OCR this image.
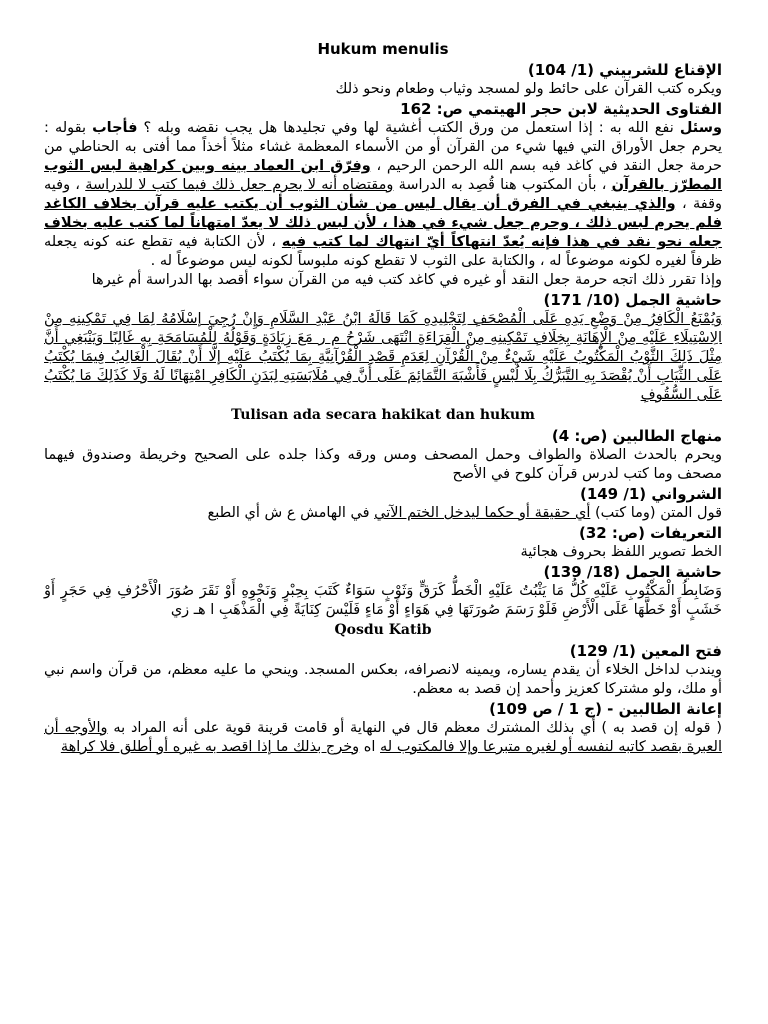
Hukum menulis

الإقناع للشربيني (1/ 104)

ويكره كتب القرآن على حائط ولو لمسجد وثياب وطعام ونحو ذلك

الفتاوى الحديثية لابن حجر الهيتمي ص: 162

وسئل نفع الله به : إذا استعمل من ورق الكتب أغشية لها وفي تجليدها هل يجب نقضه وبله ؟ فأجاب بقوله : يحرم جعل الأوراق التي فيها شيء من القرآن أو من الأسماء المعظمة غشاء مثلاً أخذاً مما أفتى به الحناطي من حرمة جعل النقد في كاغد فيه بسم الله الرحمن الرحيم ، وفرّق ابن العماد بينه وبين كراهية لبس الثوب المطرّز بالقرآن ، بأن المكتوب هنا قُصِد به الدراسة ومقتضاه أنه لا يحرم جعل ذلك فيما كتب لا للدراسة ، وفيه وقفة ، والذي ينبغي في الفرق أن يقال ليس من شأن الثوب أن يكتب عليه قرآن بخلاف الكاغد فلم يحرم لبس ذلك ، وحرم جعل شيء في هذا ، لأن لبس ذلك لا يعدّ امتهاناً لما كتب عليه بخلاف جعله نحو نقد في هذا فإنه يُعدّ انتهاكاً أيّ انتهاك لما كتب فيه ، لأن الكتابة فيه تقطع عنه كونه يجعله ظرفاً لغيره لكونه موضوعاً له ، والكتابة على الثوب لا تقطع كونه ملبوساً لكونه ليس موضوعاً له .

وإذا تقرر ذلك اتجه حرمة جعل النقد أو غيره في كاغد كتب فيه من القرآن سواء أقصد بها الدراسة أم غيرها

حاشية الجمل (10/ 171)

وَيُمْنَعُ الْكَافِرُ مِنْ وَضْعِ يَدِهِ عَلَى الْمُصْحَفِ لِتَجْلِيدِهِ كَمَا قَالَهُ ابْنُ عَبْدِ السَّلَامِ وَإِنْ رُجِيَ إسْلَامُهُ لِمَا فِي تَمْكِينِهِ مِنْ الِاسْتِيلَاءِ عَلَيْهِ مِنْ الْإِهَانَةِ بِخِلَافِ تَمْكِينِهِ مِنْ الْقِرَاءَةِ انْتَهَى شَرْحُ م ر مَعَ زِيَادَةٍ وَقَوْلُهُ لِلْمُسَامَحَةِ بِهِ غَالِبًا وَيَنْبَغِي أَنَّ مِثْلَ ذَلِكَ الثَّوْبُ الْمَكْتُوبُ عَلَيْهِ شَيْءٌ مِنْ الْقُرْآنِ لِعَدَمِ قَصْدِ الْقُرْآنِيَّةِ بِمَا يُكْتَبُ عَلَيْهِ إلَّا أَنْ يُقَالَ الْغَالِبُ فِيمَا يُكْتَبُ عَلَى الثِّيَابِ أَنْ يُقْصَدَ بِهِ التَّبَرُّكُ بِلَا لُبْسٍ فَأَشْبَهَ التَّمَائِمَ عَلَى أَنَّ فِي مُلَابَسَتِهِ لِبَدَنِ الْكَافِرِ امْتِهَانًا لَهُ وَلَا كَذَلِكَ مَا يُكْتَبُ عَلَى السُّقُوفِ

Tulisan ada secara hakikat dan hukum

منهاج الطالبين (ص: 4)

ويحرم بالحدث الصلاة والطواف وحمل المصحف ومس ورقه وكذا جلده على الصحيح وخريطة وصندوق فيهما مصحف وما كتب لدرس قرآن كلوح في الأصح

الشرواني (1/ 149)

قول المتن (وما كتب) أي حقيقة أو حكما ليدخل الختم الآتي في الهامش ع ش أي الطبع

التعريفات (ص: 32)

الخط تصوير اللفظ بحروف هجائية

حاشية الجمل (18/ 139)

وَضَابِطُ الْمَكْتُوبِ عَلَيْهِ كُلُّ مَا يَثْبُتُ عَلَيْهِ الْخَطُّ كَرَقٍّ وَثَوْبٍ سَوَاءٌ كَتَبَ بِحِبْرٍ وَنَحْوِهِ أَوْ نَقَرَ صُوَرَ الْأَحْرُفِ فِي حَجَرٍ أَوْ خَشَبٍ أَوْ خَطَّهَا عَلَى الْأَرْضِ فَلَوْ رَسَمَ صُورَتَهَا فِي هَوَاءٍ أَوْ مَاءٍ فَلَيْسَ كِنَايَةً فِي الْمَذْهَبِ ا هـ زي

Qosdu Katib

فتح المعين (1/ 129)

ويندب لداخل الخلاء أن يقدم يساره، ويمينه لانصرافه، بعكس المسجد. وينحي ما عليه معظم، من قرآن واسم نبي أو ملك، ولو مشتركا كعزيز وأحمد إن قصد به معظم.

إعانة الطالبين - (ج 1 / ص 109)

( قوله إن قصد به ) أي بذلك المشترك معظم قال في النهاية أو قامت قرينة قوية على أنه المراد به والأوجه أن العبرة بقصد كاتبه لنفسه أو لغيره متبرعا وإلا فالمكتوب له اه وخرج بذلك ما إذا اقصد به غيره أو أطلق فلا كراهة
